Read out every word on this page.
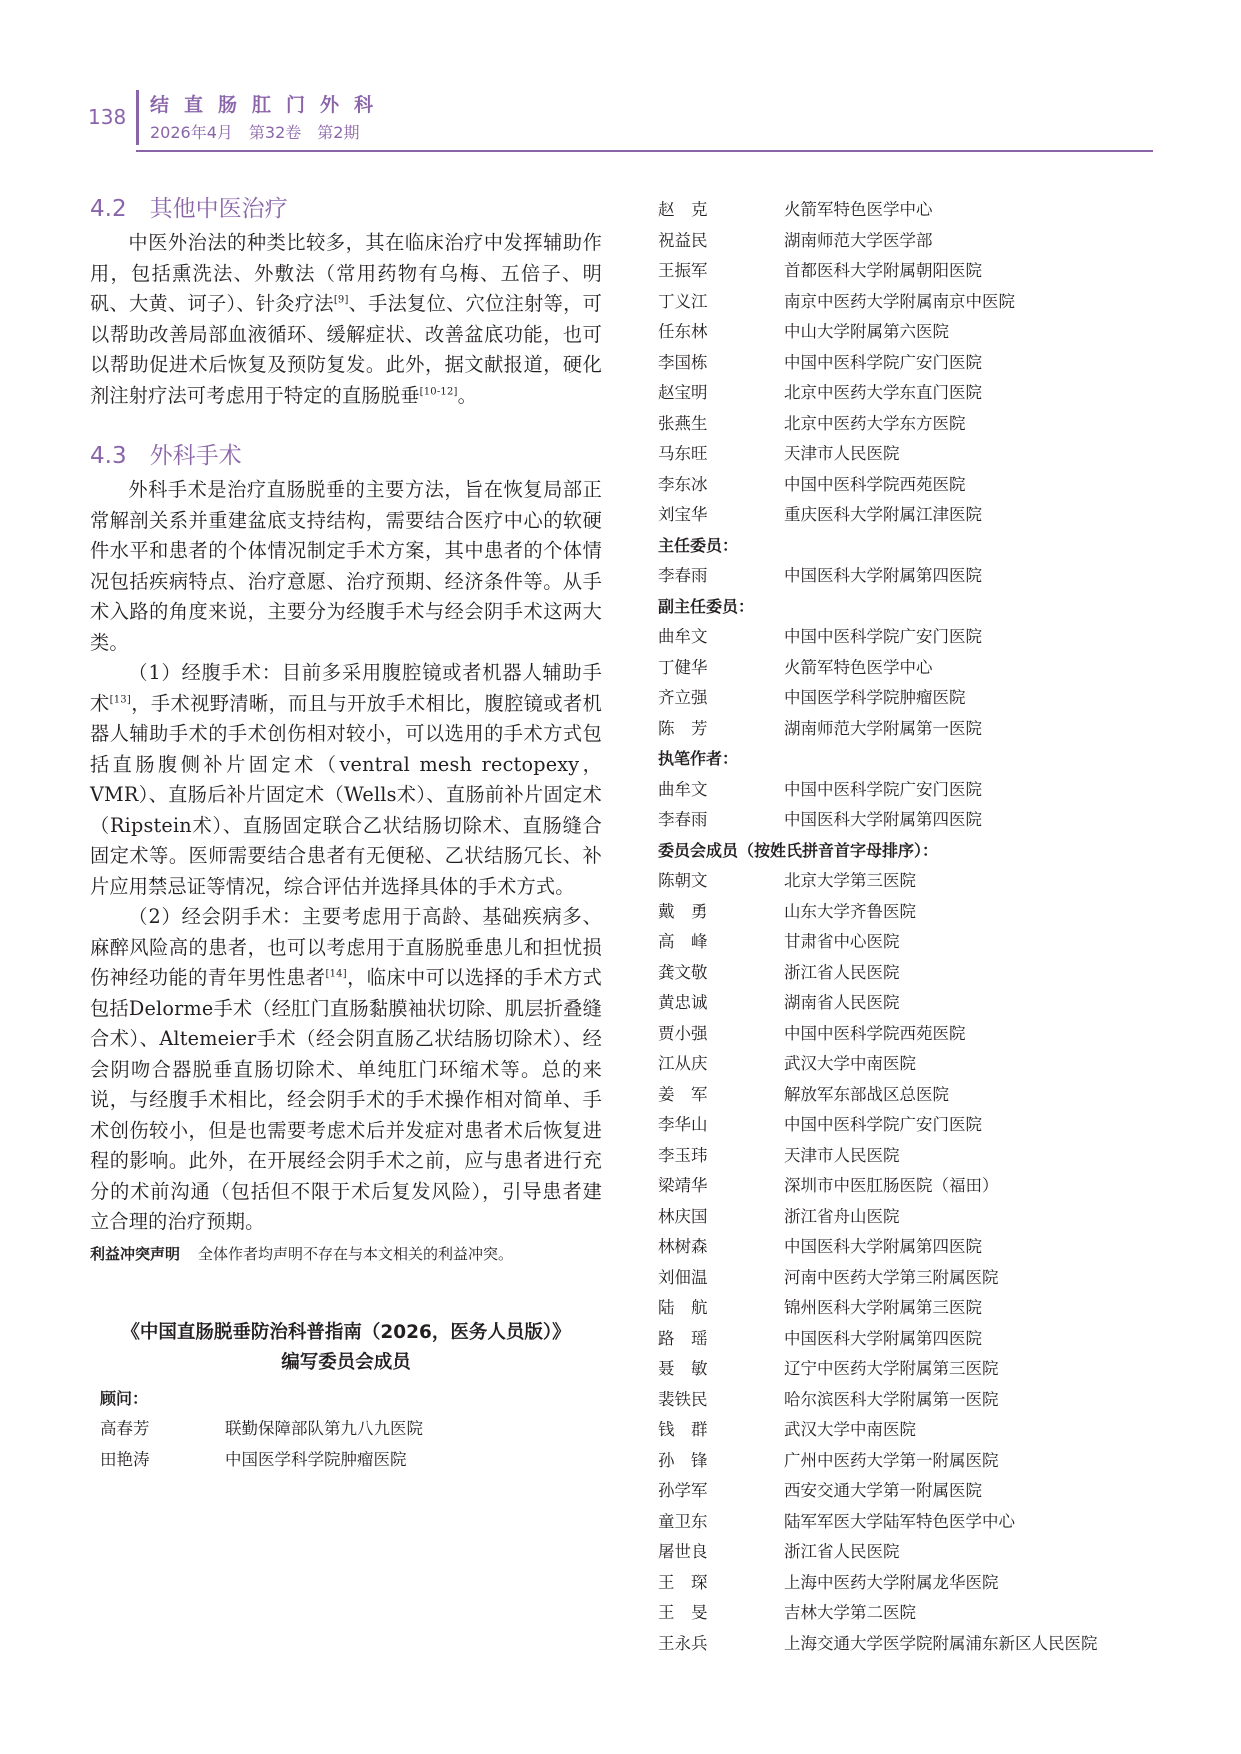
138 结直肠肛门外科
2026年4月　第32卷　第2期
4.2　其他中医治疗

中医外治法的种类比较多，其在临床治疗中发挥辅助作用，包括熏洗法、外敷法（常用药物有乌梅、五倍子、明矾、大黄、诃子）、针灸疗法[9]、手法复位、穴位注射等，可以帮助改善局部血液循环、缓解症状、改善盆底功能，也可以帮助促进术后恢复及预防复发。此外，据文献报道，硬化剂注射疗法可考虑用于特定的直肠脱垂[10-12]。

4.3　外科手术

外科手术是治疗直肠脱垂的主要方法，旨在恢复局部正常解剖关系并重建盆底支持结构，需要结合医疗中心的软硬件水平和患者的个体情况制定手术方案，其中患者的个体情况包括疾病特点、治疗意愿、治疗预期、经济条件等。从手术入路的角度来说，主要分为经腹手术与经会阴手术这两大类。

（1）经腹手术：目前多采用腹腔镜或者机器人辅助手术[13]，手术视野清晰，而且与开放手术相比，腹腔镜或者机器人辅助手术的手术创伤相对较小，可以选用的手术方式包括直肠腹侧补片固定术（ventral mesh rectopexy，VMR）、直肠后补片固定术（Wells术）、直肠前补片固定术（Ripstein术）、直肠固定联合乙状结肠切除术、直肠缝合固定术等。医师需要结合患者有无便秘、乙状结肠冗长、补片应用禁忌证等情况，综合评估并选择具体的手术方式。

（2）经会阴手术：主要考虑用于高龄、基础疾病多、麻醉风险高的患者，也可以考虑用于直肠脱垂患儿和担忧损伤神经功能的青年男性患者[14]，临床中可以选择的手术方式包括Delorme手术（经肛门直肠黏膜袖状切除、肌层折叠缝合术）、Altemeier手术（经会阴直肠乙状结肠切除术）、经会阴吻合器脱垂直肠切除术、单纯肛门环缩术等。总的来说，与经腹手术相比，经会阴手术的手术操作相对简单、手术创伤较小，但是也需要考虑术后并发症对患者术后恢复进程的影响。此外，在开展经会阴手术之前，应与患者进行充分的术前沟通（包括但不限于术后复发风险），引导患者建立合理的治疗预期。

利益冲突声明 全体作者均声明不存在与本文相关的利益冲突。
《中国直肠脱垂防治科普指南（2026，医务人员版）》
编写委员会成员
顾问：
高春芳	联勤保障部队第九八九医院
田艳涛	中国医学科学院肿瘤医院
赵　克	火箭军特色医学中心
祝益民	湖南师范大学医学部
王振军	首都医科大学附属朝阳医院
丁义江	南京中医药大学附属南京中医院
任东林	中山大学附属第六医院
李国栋	中国中医科学院广安门医院
赵宝明	北京中医药大学东直门医院
张燕生	北京中医药大学东方医院
马东旺	天津市人民医院
李东冰	中国中医科学院西苑医院
刘宝华	重庆医科大学附属江津医院
主任委员：
李春雨	中国医科大学附属第四医院
副主任委员：
曲牟文	中国中医科学院广安门医院
丁健华	火箭军特色医学中心
齐立强	中国医学科学院肿瘤医院
陈　芳	湖南师范大学附属第一医院
执笔作者：
曲牟文	中国中医科学院广安门医院
李春雨	中国医科大学附属第四医院
委员会成员（按姓氏拼音首字母排序）：
陈朝文	北京大学第三医院
戴　勇	山东大学齐鲁医院
高　峰	甘肃省中心医院
龚文敬	浙江省人民医院
黄忠诚	湖南省人民医院
贾小强	中国中医科学院西苑医院
江从庆	武汉大学中南医院
姜　军	解放军东部战区总医院
李华山	中国中医科学院广安门医院
李玉玮	天津市人民医院
梁靖华	深圳市中医肛肠医院（福田）
林庆国	浙江省舟山医院
林树森	中国医科大学附属第四医院
刘佃温	河南中医药大学第三附属医院
陆　航	锦州医科大学附属第三医院
路　瑶	中国医科大学附属第四医院
聂　敏	辽宁中医药大学附属第三医院
裴铁民	哈尔滨医科大学附属第一医院
钱　群	武汉大学中南医院
孙　锋	广州中医药大学第一附属医院
孙学军	西安交通大学第一附属医院
童卫东	陆军军医大学陆军特色医学中心
屠世良	浙江省人民医院
王　琛	上海中医药大学附属龙华医院
王　旻	吉林大学第二医院
王永兵	上海交通大学医学院附属浦东新区人民医院
